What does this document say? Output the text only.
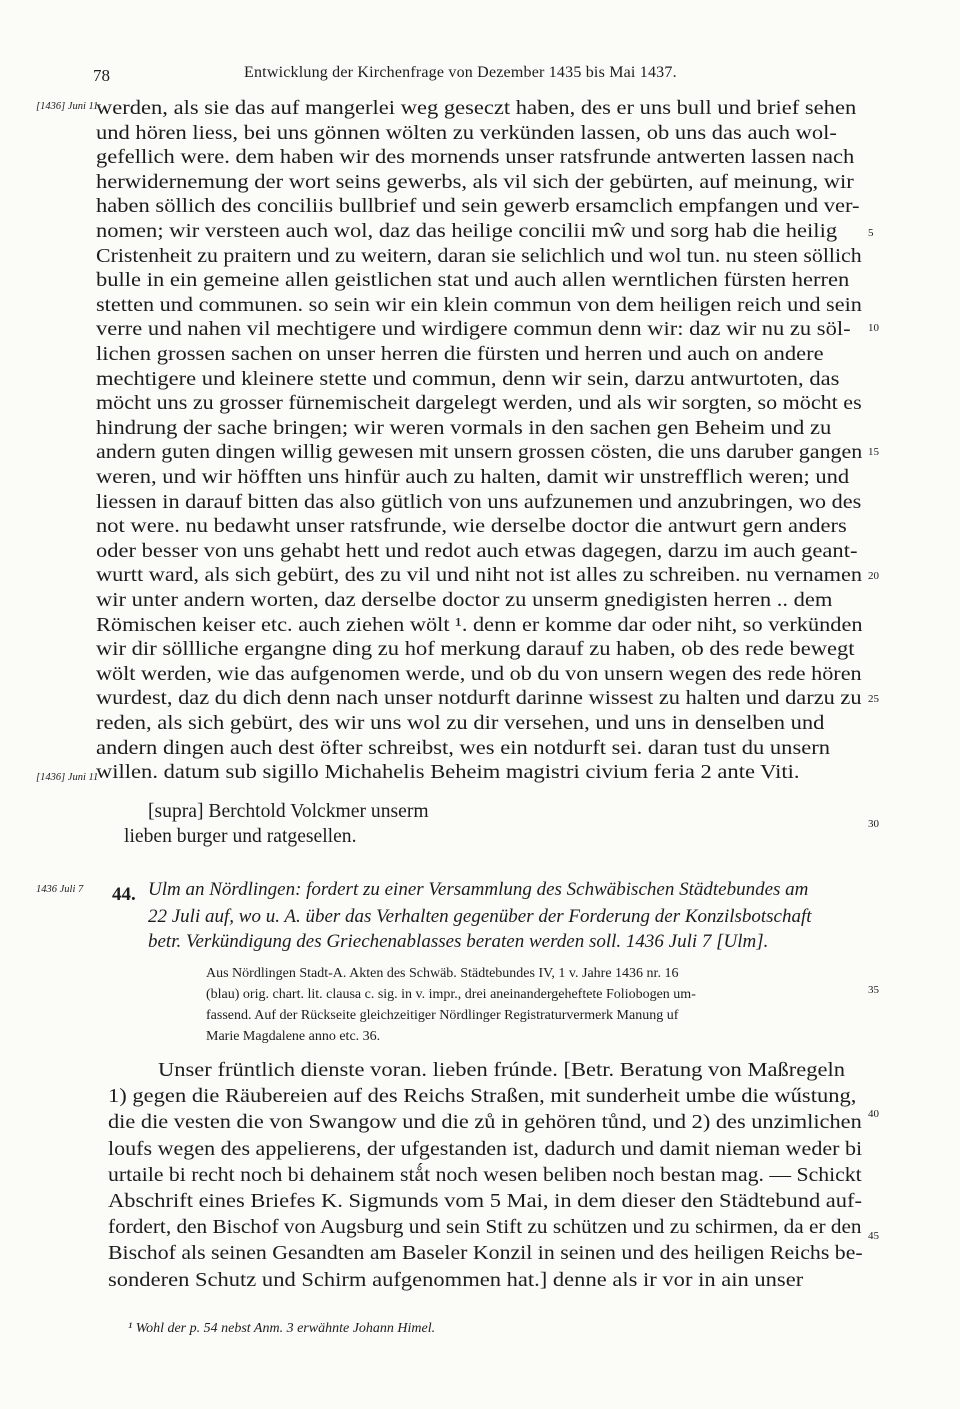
78	Entwicklung der Kirchenfrage von Dezember 1435 bis Mai 1437.
[1436] Juni 11
[1436] Juni 11
1436 Juli 7
werden, als sie das auf mangerlei weg geseczt haben, des er uns bull und brief sehen
und hören liess, bei uns gönnen wölten zu verkünden lassen, ob uns das auch wol-
gefellich were. dem haben wir des mornends unser ratsfrunde antwerten lassen nach
herwidernemung der wort seins gewerbs, als vil sich der gebürten, auf meinung, wir
haben söllich des conciliis bullbrief und sein gewerb ersamclich empfangen und ver-
nomen; wir versteen auch wol, daz das heilige concilii mŵ und sorg hab die heilig
Cristenheit zu praitern und zu weitern, daran sie selichlich und wol tun. nu steen söllich
bulle in ein gemeine allen geistlichen stat und auch allen werntlichen fürsten herren
stetten und communen. so sein wir ein klein commun von dem heiligen reich und sein
verre und nahen vil mechtigere und wirdigere commun denn wir: daz wir nu zu söl-
lichen grossen sachen on unser herren die fürsten und herren und auch on andere
mechtigere und kleinere stette und commun, denn wir sein, darzu antwurtoten, das
möcht uns zu grosser fürnemischeit dargelegt werden, und als wir sorgten, so möcht es
hindrung der sache bringen; wir weren vormals in den sachen gen Beheim und zu
andern guten dingen willig gewesen mit unsern grossen cösten, die uns daruber gangen
weren, und wir höfften uns hinfür auch zu halten, damit wir unstrefflich weren; und
liessen in darauf bitten das also gütlich von uns aufzunemen und anzubringen, wo des
not were. nu bedawht unser ratsfrunde, wie derselbe doctor die antwurt gern anders
oder besser von uns gehabt hett und redot auch etwas dagegen, darzu im auch geant-
wurtt ward, als sich gebürt, des zu vil und niht not ist alles zu schreiben. nu vernamen
wir unter andern worten, daz derselbe doctor zu unserm gnedigisten herren .. dem
Römischen keiser etc. auch ziehen wölt ¹. denn er komme dar oder niht, so verkünden
wir dir söllliche ergangne ding zu hof merkung darauf zu haben, ob des rede bewegt
wölt werden, wie das aufgenomen werde, und ob du von unsern wegen des rede hören
wurdest, daz du dich denn nach unser notdurft darinne wissest zu halten und darzu zu
reden, als sich gebürt, des wir uns wol zu dir versehen, und uns in denselben und
andern dingen auch dest öfter schreibst, wes ein notdurft sei. daran tust du unsern
willen. datum sub sigillo Michahelis Beheim magistri civium feria 2 ante Viti.
[supra] Berchtold Volckmer unserm
lieben burger und ratgesellen.
5
10
15
20
25
30
35
40
45
44. Ulm an Nördlingen: fordert zu einer Versammlung des Schwäbischen Städtebundes am
22 Juli auf, wo u. A. über das Verhalten gegenüber der Forderung der Konzilsbotschaft
betr. Verkündigung des Griechenablasses beraten werden soll. 1436 Juli 7 [Ulm].
Aus Nördlingen Stadt-A. Akten des Schwäb. Städtebundes IV, 1 v. Jahre 1436 nr. 16
(blau) orig. chart. lit. clausa c. sig. in v. impr., drei aneinandergeheftete Foliobogen um-
fassend. Auf der Rückseite gleichzeitiger Nördlinger Registraturvermerk Manung uf
Marie Magdalene anno etc. 36.
Unser früntlich dienste voran. lieben frúnde. [Betr. Beratung von Maßregeln
1) gegen die Räubereien auf des Reichs Straßen, mit sunderheit umbe die wűstung,
die die vesten die von Swangow und die zů in gehören tůnd, und 2) des unzimlichen
loufs wegen des appelierens, der ufgestanden ist, dadurch und damit nieman weder bi
urtaile bi recht noch bi dehainem stǻt noch wesen beliben noch bestan mag. — Schickt
Abschrift eines Briefes K. Sigmunds vom 5 Mai, in dem dieser den Städtebund auf-
fordert, den Bischof von Augsburg und sein Stift zu schützen und zu schirmen, da er den
Bischof als seinen Gesandten am Baseler Konzil in seinen und des heiligen Reichs be-
sonderen Schutz und Schirm aufgenommen hat.] denne als ir vor in ain unser
¹ Wohl der p. 54 nebst Anm. 3 erwähnte Johann Himel.
